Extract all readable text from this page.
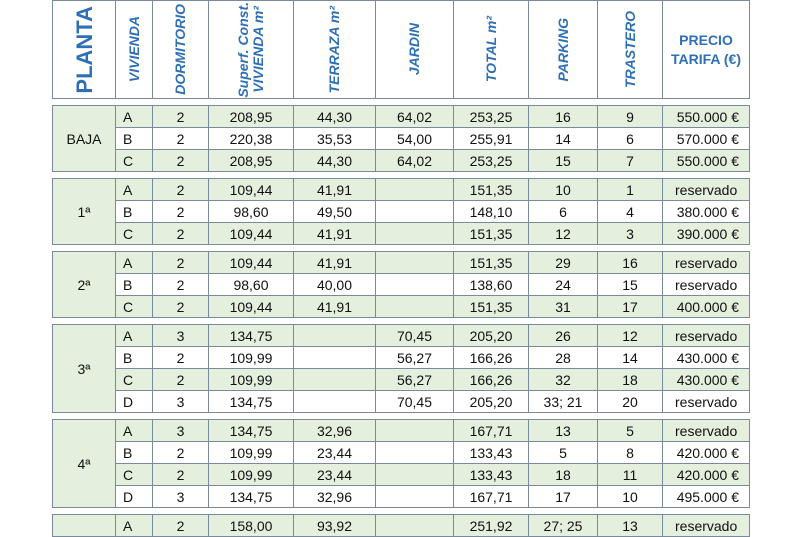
PLANTA	VIVIENDA	DORMITORIO	Superf. Const.
VIVIENDA m²	TERRAZA m²	JARDIN	TOTAL m²	PARKING	TRASTERO	PRECIO
TARIFA (€)

BAJA	A	2	208,95	44,30	64,02	253,25	16	9	550.000 €
	B	2	220,38	35,53	54,00	255,91	14	6	570.000 €
	C	2	208,95	44,30	64,02	253,25	15	7	550.000 €

1ª	A	2	109,44	41,91		151,35	10	1	reservado
	B	2	98,60	49,50		148,10	6	4	380.000 €
	C	2	109,44	41,91		151,35	12	3	390.000 €

2ª	A	2	109,44	41,91		151,35	29	16	reservado
	B	2	98,60	40,00		138,60	24	15	reservado
	C	2	109,44	41,91		151,35	31	17	400.000 €

3ª	A	3	134,75		70,45	205,20	26	12	reservado
	B	2	109,99		56,27	166,26	28	14	430.000 €
	C	2	109,99		56,27	166,26	32	18	430.000 €
	D	3	134,75		70,45	205,20	33; 21	20	reservado

4ª	A	3	134,75	32,96		167,71	13	5	reservado
	B	2	109,99	23,44		133,43	5	8	420.000 €
	C	2	109,99	23,44		133,43	18	11	420.000 €
	D	3	134,75	32,96		167,71	17	10	495.000 €

	A	2	158,00	93,92		251,92	27; 25	13	reservado
